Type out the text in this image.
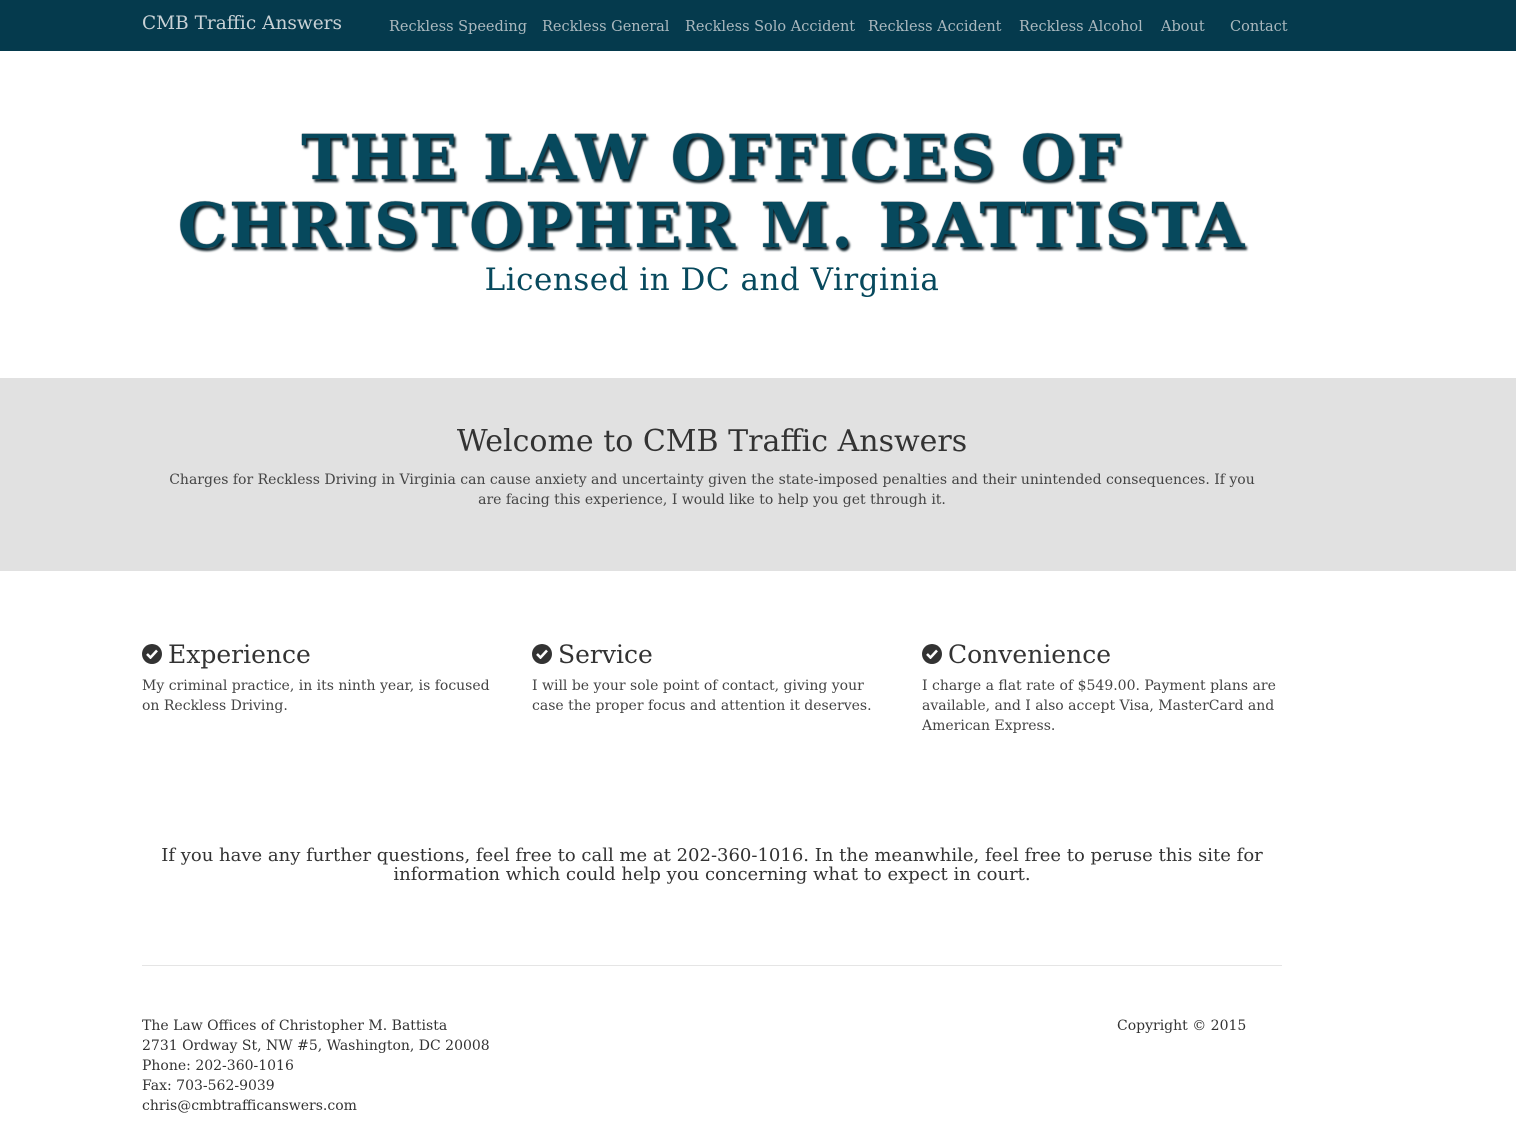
CMB Traffic Answers	Reckless Speeding Reckless General Reckless Solo Accident Reckless Accident Reckless Alcohol About Contact
THE LAW OFFICES OF
CHRISTOPHER M. BATTISTA
Licensed in DC and Virginia
Welcome to CMB Traffic Answers

Charges for Reckless Driving in Virginia can cause anxiety and uncertainty given the state-imposed penalties and their unintended consequences. If you are facing this experience, I would like to help you get through it.

Experience

My criminal practice, in its ninth year, is focused on Reckless Driving.

Service

I will be your sole point of contact, giving your case the proper focus and attention it deserves.

Convenience

I charge a flat rate of $549.00. Payment plans are available, and I also accept Visa, MasterCard and American Express.

If you have any further questions, feel free to call me at 202-360-1016. In the meanwhile, feel free to peruse this site for information which could help you concerning what to expect in court.

The Law Offices of Christopher M. Battista
2731 Ordway St, NW #5, Washington, DC 20008
Phone: 202-360-1016
Fax: 703-562-9039
chris@cmbtrafficanswers.com
Copyright © 2015
